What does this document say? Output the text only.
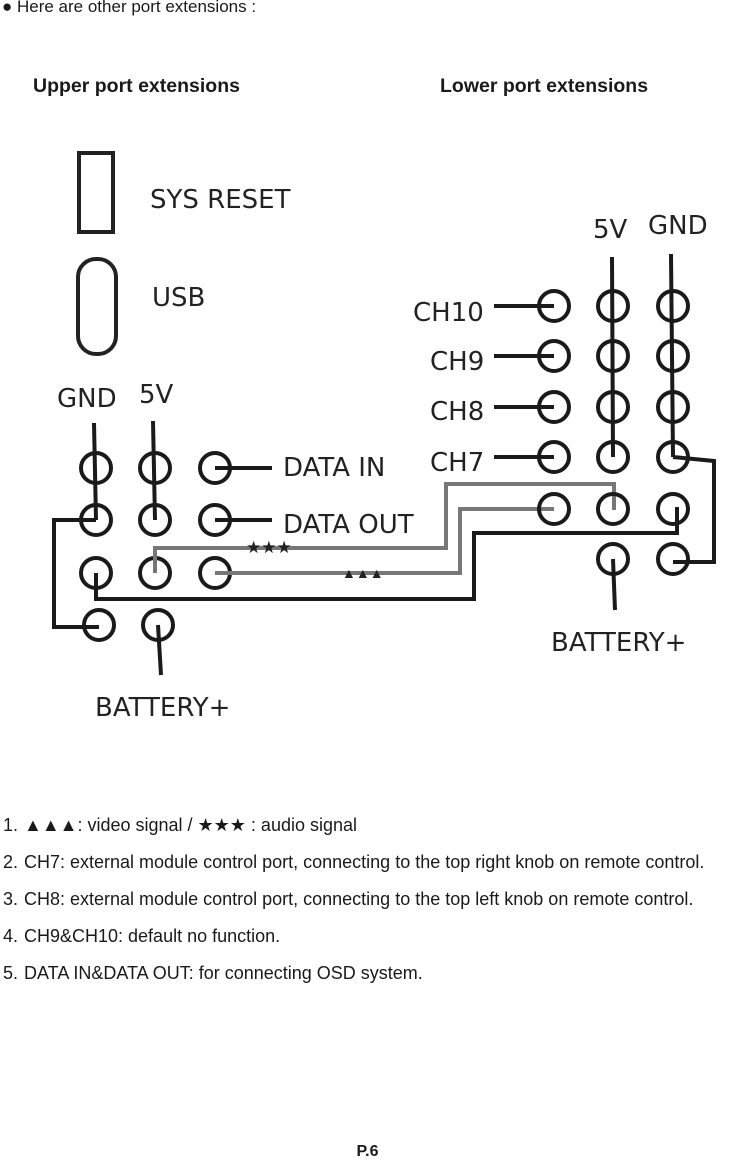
● Here are other port extensions :
Upper port extensions	Lower port extensions
SYS RESET
USB
GND 5V
DATA IN
DATA OUT
BATTERY+
★★★
▲▲▲
5V GND
CH10
CH9
CH8
CH7
BATTERY+
1. ▲▲▲: video signal / ★★★ : audio signal
2. CH7: external module control port, connecting to the top right knob on remote control.
3. CH8: external module control port, connecting to the top left knob on remote control.
4. CH9&CH10: default no function.
5. DATA IN&DATA OUT: for connecting OSD system.
P.6
